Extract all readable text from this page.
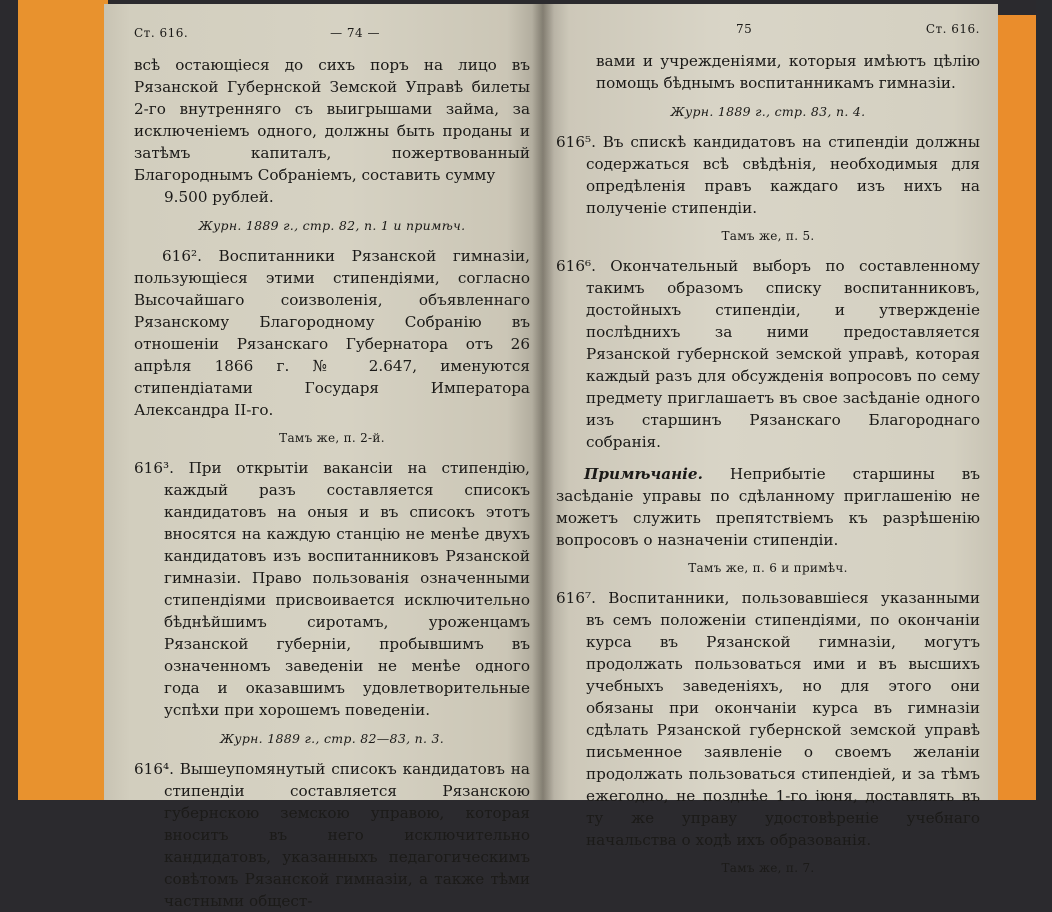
Ст. 616.	— 74 —

всѣ остающіеся до сихъ поръ на лицо въ Рязанской Губернской Земской Управѣ билеты 2-го внутренняго съ выигрышами займа, за исключеніемъ одного, должны быть проданы и затѣмъ капиталъ, пожертвованный Благороднымъ Собраніемъ, составить сумму

9.500 рублей.

Журн. 1889 г., стр. 82, п. 1 и примѣч.

616². Воспитанники Рязанской гимназіи, пользующіеся этими стипендіями, согласно Высочайшаго соизволенія, объявленнаго Рязанскому Благородному Собранію въ отношеніи Рязанскаго Губернатора отъ 26 апрѣля 1866 г. № 2.647, именуются стипендіатами Государя Императора Александра II-го.

Тамъ же, п. 2-й.

616³. При открытіи вакансіи на стипендію, каждый разъ составляется списокъ кандидатовъ на оныя и въ списокъ этотъ вносятся на каждую станцію не менѣе двухъ кандидатовъ изъ воспитанниковъ Рязанской гимназіи. Право пользованія означенными стипендіями присвоивается исключительно бѣднѣйшимъ сиротамъ, уроженцамъ Рязанской губерніи, пробывшимъ въ означенномъ заведеніи не менѣе одного года и оказавшимъ удовлетворительные успѣхи при хорошемъ поведеніи.

Журн. 1889 г., стр. 82—83, п. 3.

616⁴. Вышеупомянутый списокъ кандидатовъ на стипендіи составляется Рязанскою губернскою земскою управою, которая вноситъ въ него исключительно кандидатовъ, указанныхъ педагогическимъ совѣтомъ Рязанской гимназіи, а также тѣми частными общест-

75	Ст. 616.

вами и учрежденіями, которыя имѣютъ цѣлію помощь бѣднымъ воспитанникамъ гимназіи.

Журн. 1889 г., стр. 83, п. 4.

616⁵. Въ спискѣ кандидатовъ на стипендіи должны содержаться всѣ свѣдѣнія, необходимыя для опредѣленія правъ каждаго изъ нихъ на полученіе стипендіи.

Тамъ же, п. 5.

616⁶. Окончательный выборъ по составленному такимъ образомъ списку воспитанниковъ, достойныхъ стипендіи, и утвержденіе послѣднихъ за ними предоставляется Рязанской губернской земской управѣ, которая каждый разъ для обсужденія вопросовъ по сему предмету приглашаетъ въ свое засѣданіе одного изъ старшинъ Рязанскаго Благороднаго собранія.

Примѣчаніе. Неприбытіе старшины въ засѣданіе управы по сдѣланному приглашенію не можетъ служить препятствіемъ къ разрѣшенію вопросовъ о назначеніи стипендіи.

Тамъ же, п. 6 и примѣч.

616⁷. Воспитанники, пользовавшіеся указанными въ семъ положеніи стипендіями, по окончаніи курса въ Рязанской гимназіи, могутъ продолжать пользоваться ими и въ высшихъ учебныхъ заведеніяхъ, но для этого они обязаны при окончаніи курса въ гимназіи сдѣлать Рязанской губернской земской управѣ письменное заявленіе о своемъ желаніи продолжать пользоваться стипендіей, и за тѣмъ ежегодно, не позднѣе 1-го іюня, доставлять въ ту же управу удостовѣреніе учебнаго начальства о ходѣ ихъ образованія.

Тамъ же, п. 7.
